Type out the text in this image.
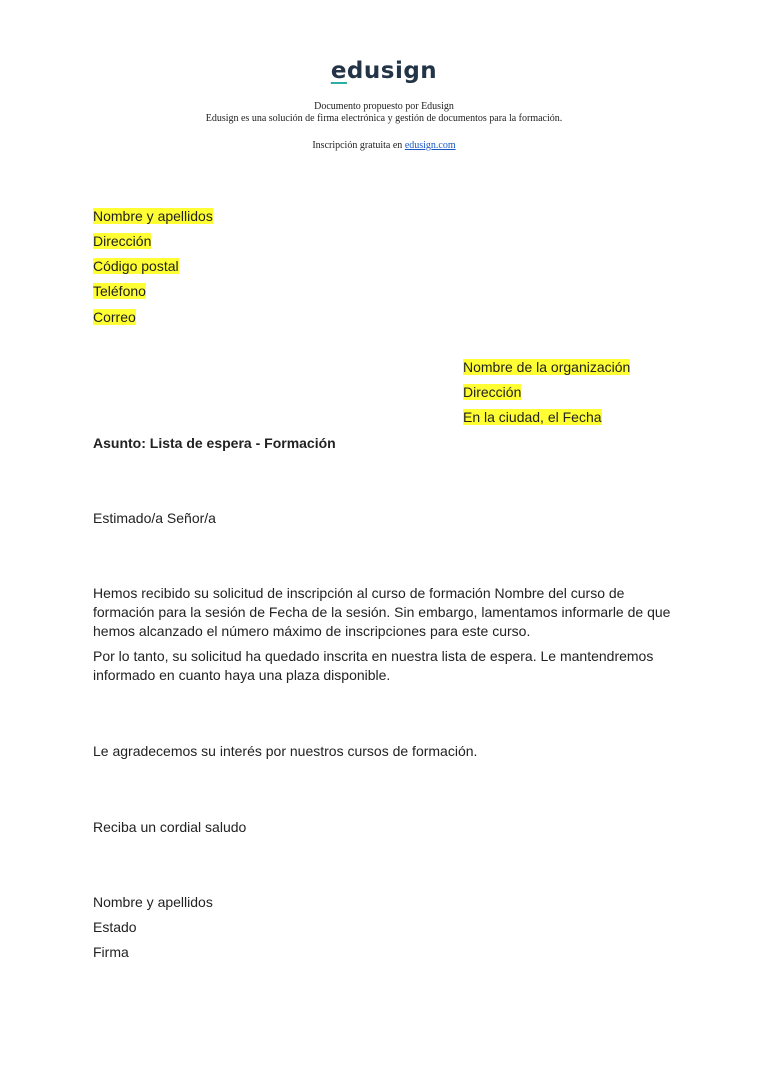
edusign
Documento propuesto por Edusign
Edusign es una solución de firma electrónica y gestión de documentos para la formación.
Inscripción gratuita en edusign.com
Nombre y apellidos
Dirección
Código postal
Teléfono
Correo
Nombre de la organización
Dirección
En la ciudad, el Fecha
Asunto: Lista de espera - Formación
Estimado/a Señor/a
Hemos recibido su solicitud de inscripción al curso de formación Nombre del curso de formación para la sesión de Fecha de la sesión. Sin embargo, lamentamos informarle de que hemos alcanzado el número máximo de inscripciones para este curso.
Por lo tanto, su solicitud ha quedado inscrita en nuestra lista de espera. Le mantendremos informado en cuanto haya una plaza disponible.
Le agradecemos su interés por nuestros cursos de formación.
Reciba un cordial saludo
Nombre y apellidos
Estado
Firma
